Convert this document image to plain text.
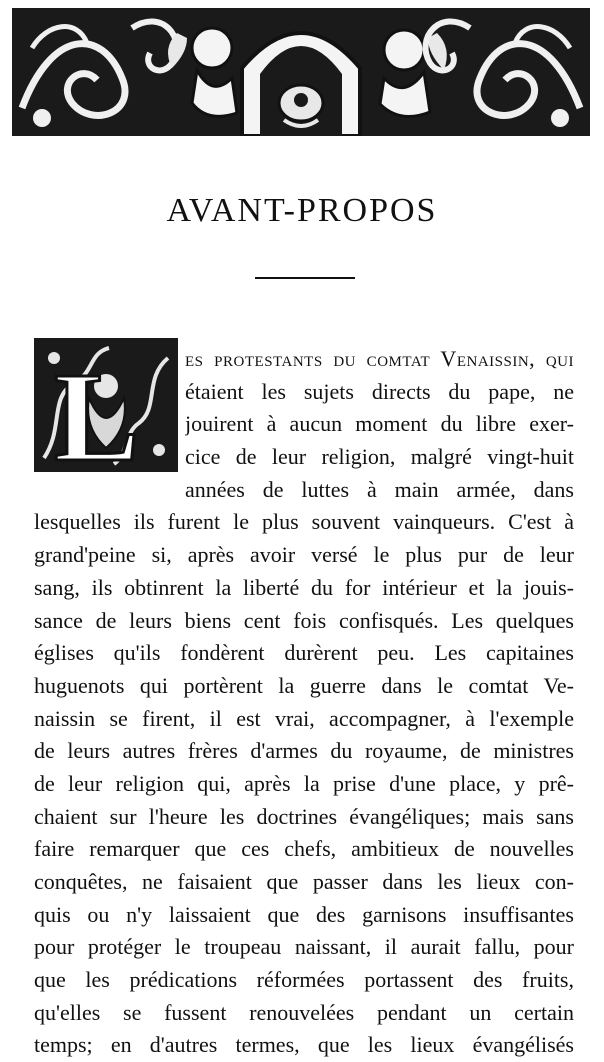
AVANT-PROPOS
L es protestants du comtat Venaissin, qui
étaient les sujets directs du pape, ne
jouirent à aucun moment du libre exer-
cice de leur religion, malgré vingt-huit
années de luttes à main armée, dans
lesquelles ils furent le plus souvent vainqueurs. C'est à
grand'peine si, après avoir versé le plus pur de leur
sang, ils obtinrent la liberté du for intérieur et la jouis-
sance de leurs biens cent fois confisqués. Les quelques
églises qu'ils fondèrent durèrent peu. Les capitaines
huguenots qui portèrent la guerre dans le comtat Ve-
naissin se firent, il est vrai, accompagner, à l'exemple
de leurs autres frères d'armes du royaume, de ministres
de leur religion qui, après la prise d'une place, y prê-
chaient sur l'heure les doctrines évangéliques; mais sans
faire remarquer que ces chefs, ambitieux de nouvelles
conquêtes, ne faisaient que passer dans les lieux con-
quis ou n'y laissaient que des garnisons insuffisantes
pour protéger le troupeau naissant, il aurait fallu, pour
que les prédications réformées portassent des fruits,
qu'elles se fussent renouvelées pendant un certain
temps; en d'autres termes, que les lieux évangélisés
